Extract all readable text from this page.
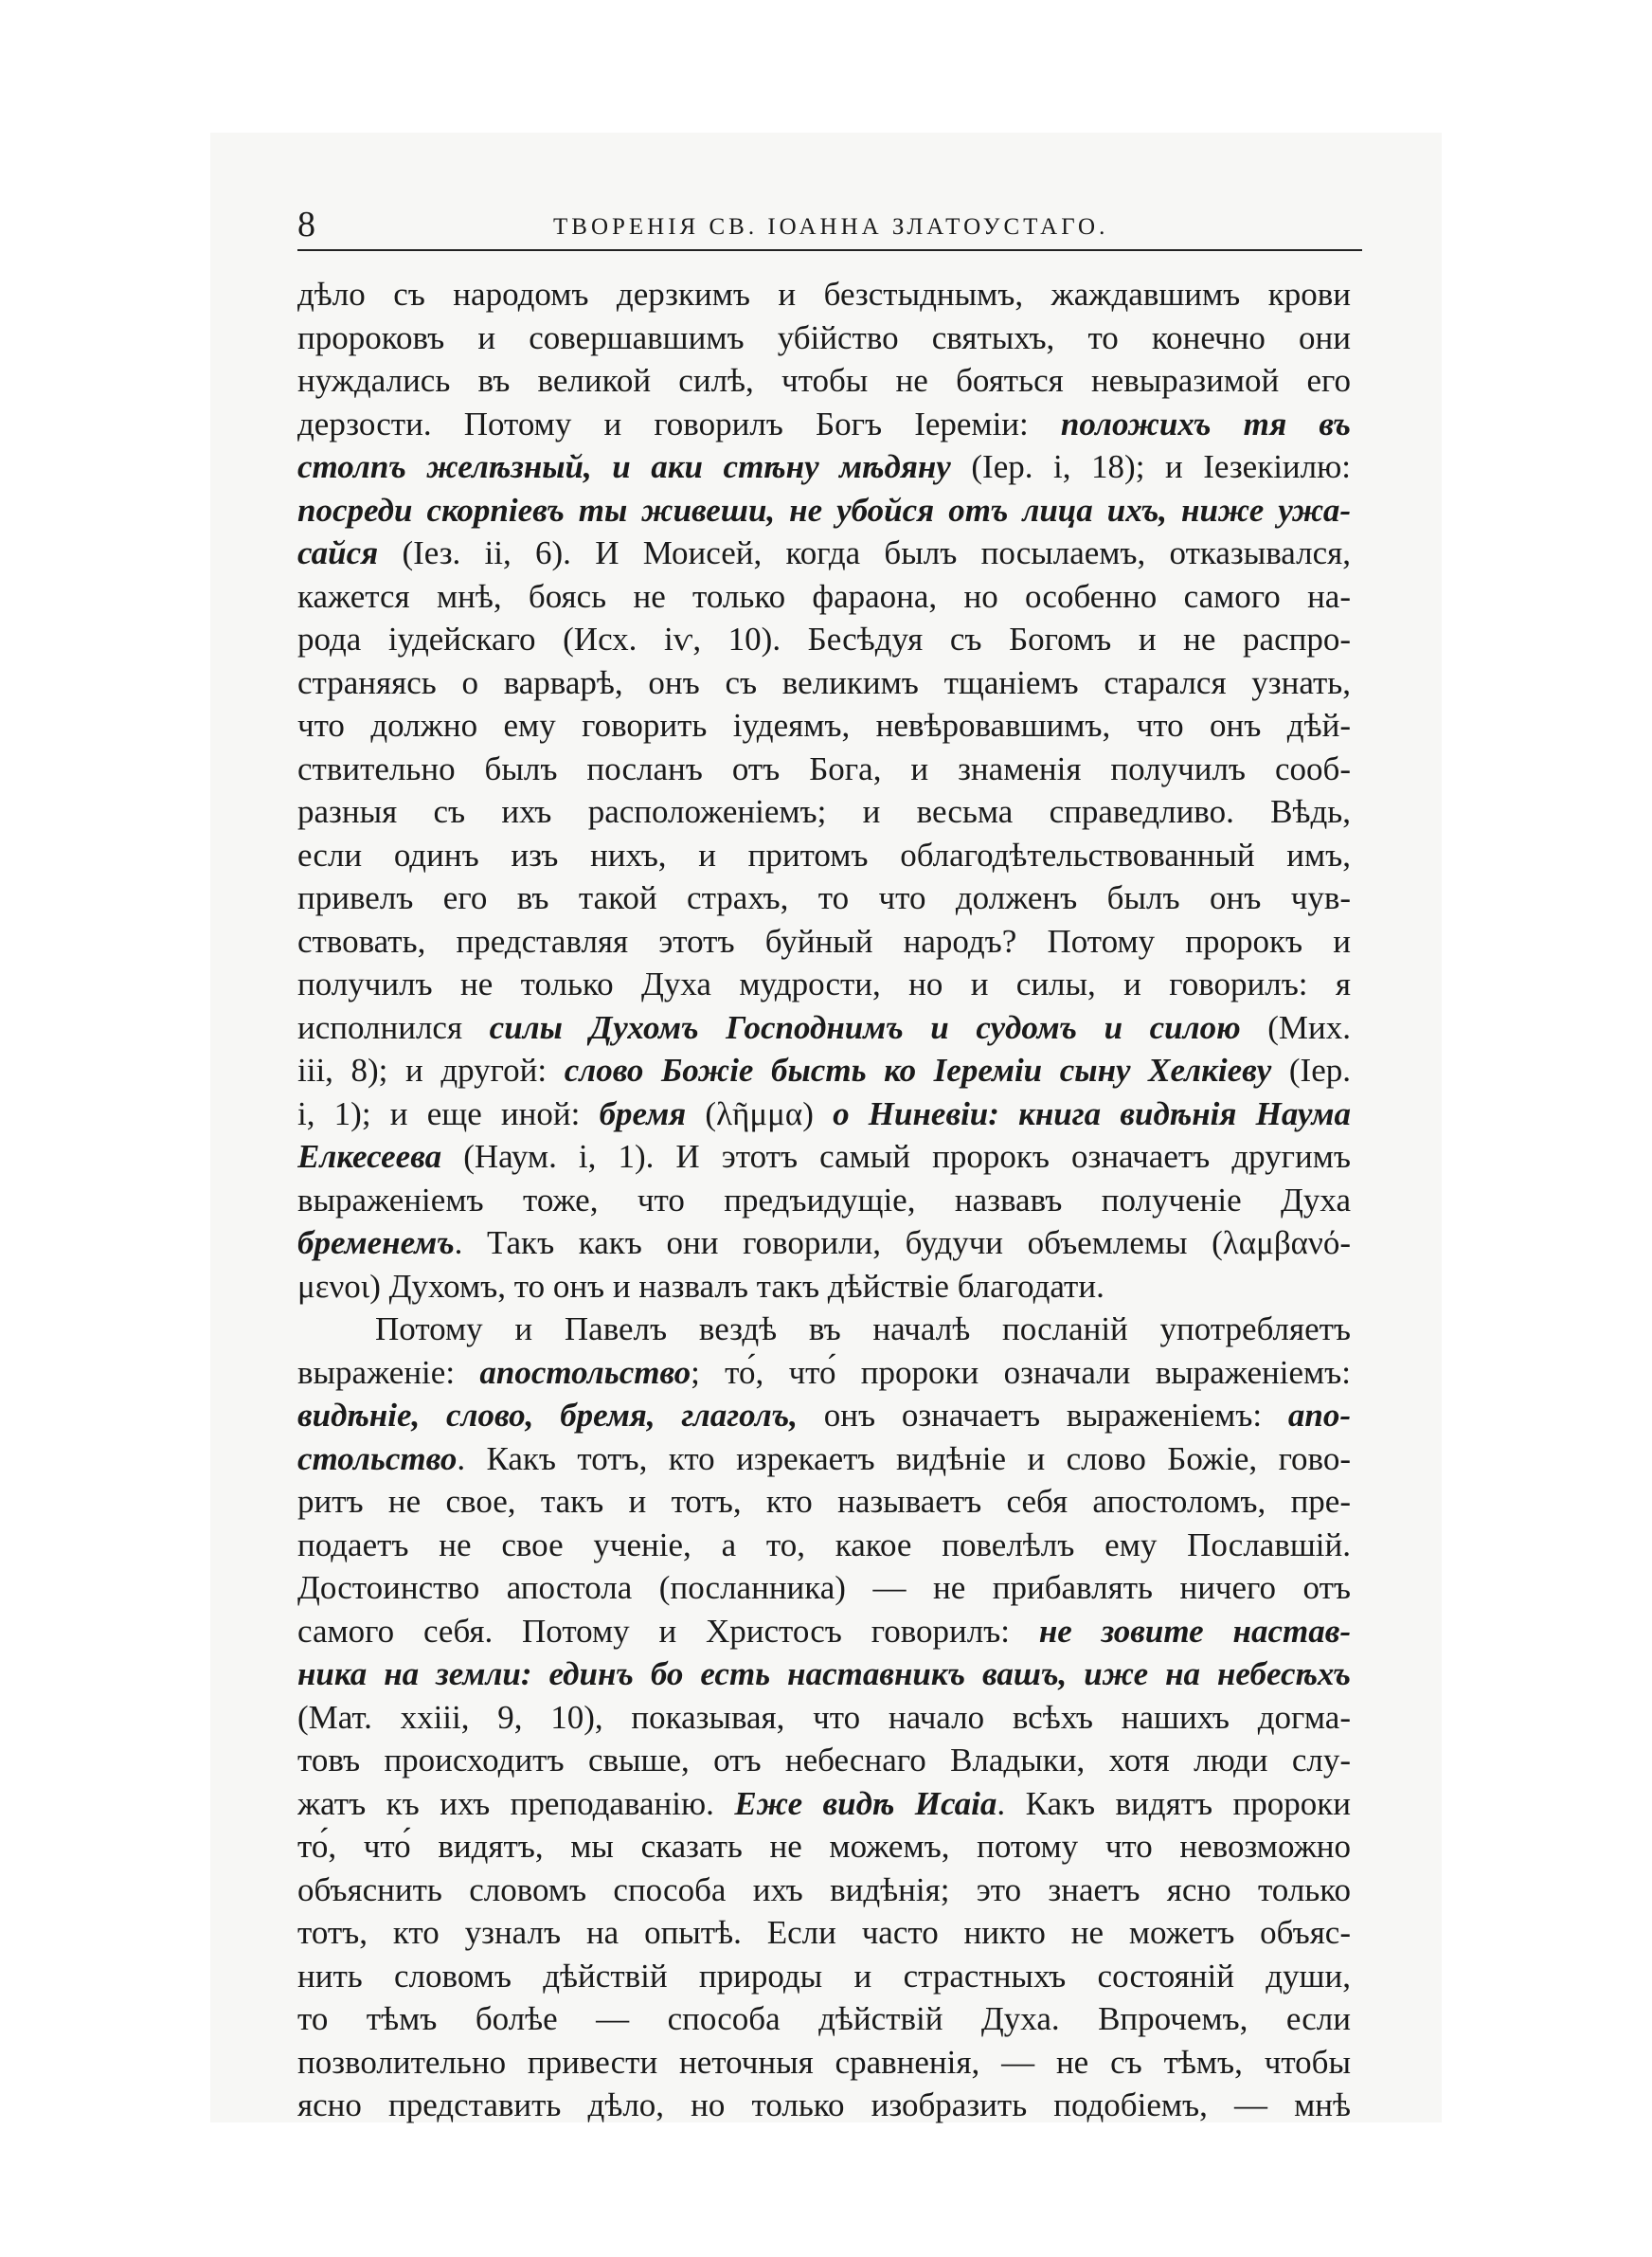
8	ТВОРЕНІЯ СВ. ІОАННА ЗЛАТОУСТАГО.
дѣло съ народомъ дерзкимъ и безстыднымъ, жаждавшимъ крови
пророковъ и совершавшимъ убійство святыхъ, то конечно они
нуждались въ великой силѣ, чтобы не бояться невыразимой его
дерзости. Потому и говорилъ Богъ Іереміи: положихъ тя въ
столпъ желѣзный, и аки стѣну мѣдяну (Іер. і, 18); и Іезекіилю:
посреди скорпіевъ ты живеши, не убойся отъ лица ихъ, ниже ужа-
сайся (Іез. іі, 6). И Моисей, когда былъ посылаемъ, отказывался,
кажется мнѣ, боясь не только фараона, но особенно самого на-
рода іудейскаго (Исх. іѵ, 10). Бесѣдуя съ Богомъ и не распро-
страняясь о варварѣ, онъ съ великимъ тщаніемъ старался узнать,
что должно ему говорить іудеямъ, невѣровавшимъ, что онъ дѣй-
ствительно былъ посланъ отъ Бога, и знаменія получилъ сооб-
разныя съ ихъ расположеніемъ; и весьма справедливо. Вѣдь,
если одинъ изъ нихъ, и притомъ облагодѣтельствованный имъ,
привелъ его въ такой страхъ, то что долженъ былъ онъ чув-
ствовать, представляя этотъ буйный народъ? Потому пророкъ и
получилъ не только Духа мудрости, но и силы, и говорилъ: я
исполнился силы Духомъ Господнимъ и судомъ и силою (Мих.
ііі, 8); и другой: слово Божіе бысть ко Іереміи сыну Хелкіеву (Іер.
і, 1); и еще иной: бремя (λῆμμα) о Ниневіи: книга видѣнія Наума
Елкесеева (Наум. і, 1). И этотъ самый пророкъ означаетъ другимъ
выраженіемъ тоже, что предъидущіе, назвавъ полученіе Духа
бременемъ. Такъ какъ они говорили, будучи объемлемы (λαμβανό-
μενοι) Духомъ, то онъ и назвалъ такъ дѣйствіе благодати.
Потому и Павелъ вездѣ въ началѣ посланій употребляетъ
выраженіе: апостольство; то́, что́ пророки означали выраженіемъ:
видѣніе, слово, бремя, глаголъ, онъ означаетъ выраженіемъ: апо-
стольство. Какъ тотъ, кто изрекаетъ видѣніе и слово Божіе, гово-
ритъ не свое, такъ и тотъ, кто называетъ себя апостоломъ, пре-
подаетъ не свое ученіе, а то, какое повелѣлъ ему Пославшій.
Достоинство апостола (посланника) — не прибавлять ничего отъ
самого себя. Потому и Христосъ говорилъ: не зовите настав-
ника на земли: единъ бо есть наставникъ вашъ, иже на небесѣхъ
(Мат. ххііі, 9, 10), показывая, что начало всѣхъ нашихъ догма-
товъ происходитъ свыше, отъ небеснаго Владыки, хотя люди слу-
жатъ къ ихъ преподаванію. Еже видѣ Исаіа. Какъ видятъ пророки
то́, что́ видятъ, мы сказать не можемъ, потому что невозможно
объяснить словомъ способа ихъ видѣнія; это знаетъ ясно только
тотъ, кто узналъ на опытѣ. Если часто никто не можетъ объяс-
нить словомъ дѣйствій природы и страстныхъ состояній души,
то тѣмъ болѣе — способа дѣйствій Духа. Впрочемъ, если
позволительно привести неточныя сравненія, — не съ тѣмъ, чтобы
ясно представить дѣло, но только изобразить подобіемъ, — мнѣ
